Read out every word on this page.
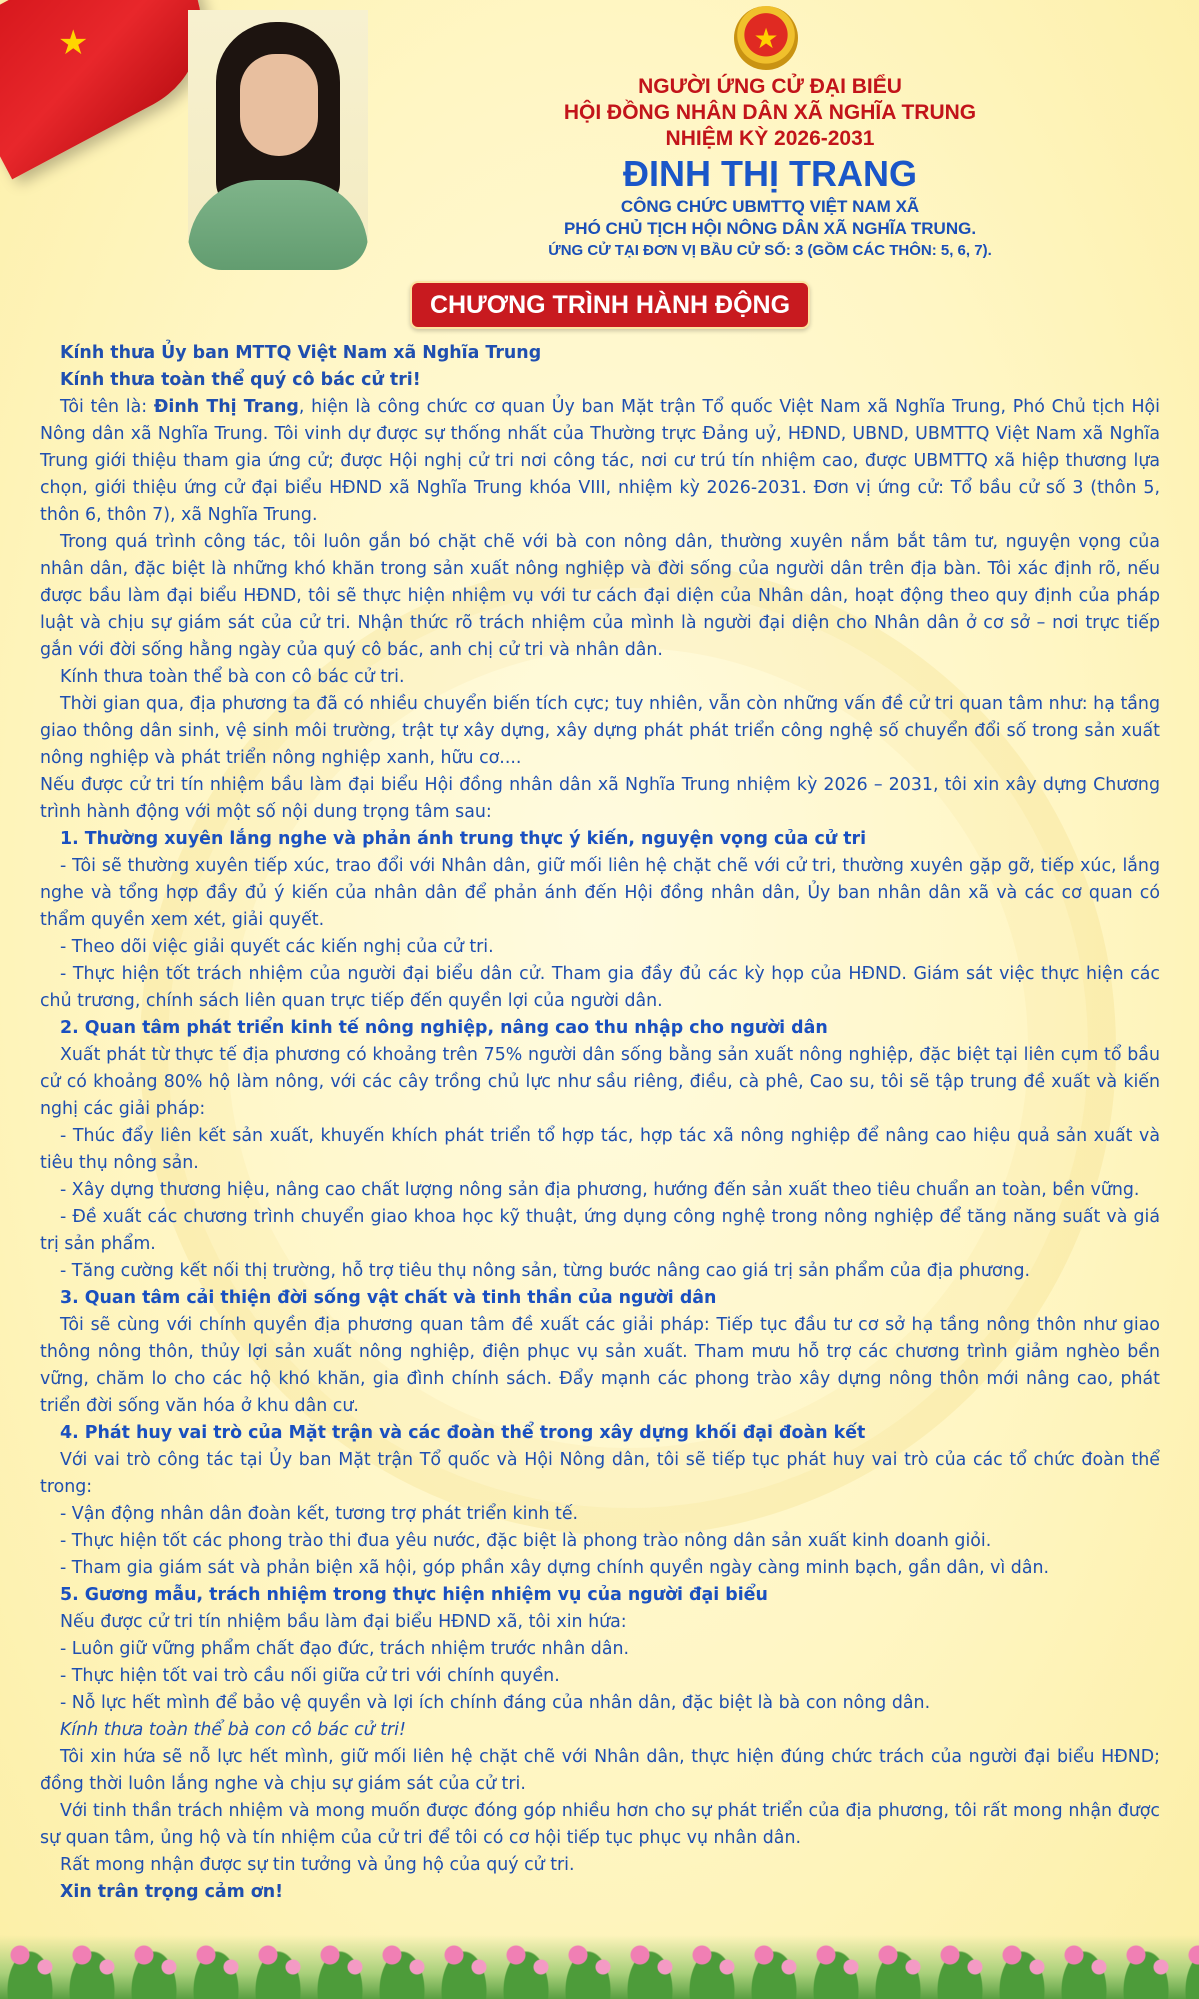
★	★
NGƯỜI ỨNG CỬ ĐẠI BIỂU
HỘI ĐỒNG NHÂN DÂN XÃ NGHĨA TRUNG
NHIỆM KỲ 2026-2031
ĐINH THỊ TRANG
CÔNG CHỨC UBMTTQ VIỆT NAM XÃ
PHÓ CHỦ TỊCH HỘI NÔNG DÂN XÃ NGHĨA TRUNG.
ỨNG CỬ TẠI ĐƠN VỊ BẦU CỬ SỐ: 3 (GỒM CÁC THÔN: 5, 6, 7).
CHƯƠNG TRÌNH HÀNH ĐỘNG

Kính thưa Ủy ban MTTQ Việt Nam xã Nghĩa Trung

Kính thưa toàn thể quý cô bác cử tri!

Tôi tên là: Đinh Thị Trang, hiện là công chức cơ quan Ủy ban Mặt trận Tổ quốc Việt Nam xã Nghĩa Trung, Phó Chủ tịch Hội Nông dân xã Nghĩa Trung. Tôi vinh dự được sự thống nhất của Thường trực Đảng uỷ, HĐND, UBND, UBMTTQ Việt Nam xã Nghĩa Trung giới thiệu tham gia ứng cử; được Hội nghị cử tri nơi công tác, nơi cư trú tín nhiệm cao, được UBMTTQ xã hiệp thương lựa chọn, giới thiệu ứng cử đại biểu HĐND xã Nghĩa Trung khóa VIII, nhiệm kỳ 2026-2031. Đơn vị ứng cử: Tổ bầu cử số 3 (thôn 5, thôn 6, thôn 7), xã Nghĩa Trung.

Trong quá trình công tác, tôi luôn gắn bó chặt chẽ với bà con nông dân, thường xuyên nắm bắt tâm tư, nguyện vọng của nhân dân, đặc biệt là những khó khăn trong sản xuất nông nghiệp và đời sống của người dân trên địa bàn. Tôi xác định rõ, nếu được bầu làm đại biểu HĐND, tôi sẽ thực hiện nhiệm vụ với tư cách đại diện của Nhân dân, hoạt động theo quy định của pháp luật và chịu sự giám sát của cử tri. Nhận thức rõ trách nhiệm của mình là người đại diện cho Nhân dân ở cơ sở – nơi trực tiếp gắn với đời sống hằng ngày của quý cô bác, anh chị cử tri và nhân dân.

Kính thưa toàn thể bà con cô bác cử tri.

Thời gian qua, địa phương ta đã có nhiều chuyển biến tích cực; tuy nhiên, vẫn còn những vấn đề cử tri quan tâm như: hạ tầng giao thông dân sinh, vệ sinh môi trường, trật tự xây dựng, xây dựng phát phát triển công nghệ số chuyển đổi số trong sản xuất nông nghiệp và phát triển nông nghiệp xanh, hữu cơ....

Nếu được cử tri tín nhiệm bầu làm đại biểu Hội đồng nhân dân xã Nghĩa Trung nhiệm kỳ 2026 – 2031, tôi xin xây dựng Chương trình hành động với một số nội dung trọng tâm sau:

1. Thường xuyên lắng nghe và phản ánh trung thực ý kiến, nguyện vọng của cử tri

- Tôi sẽ thường xuyên tiếp xúc, trao đổi với Nhân dân, giữ mối liên hệ chặt chẽ với cử tri, thường xuyên gặp gỡ, tiếp xúc, lắng nghe và tổng hợp đầy đủ ý kiến của nhân dân để phản ánh đến Hội đồng nhân dân, Ủy ban nhân dân xã và các cơ quan có thẩm quyền xem xét, giải quyết.

- Theo dõi việc giải quyết các kiến nghị của cử tri.

- Thực hiện tốt trách nhiệm của người đại biểu dân cử. Tham gia đầy đủ các kỳ họp của HĐND. Giám sát việc thực hiện các chủ trương, chính sách liên quan trực tiếp đến quyền lợi của người dân.

2. Quan tâm phát triển kinh tế nông nghiệp, nâng cao thu nhập cho người dân

Xuất phát từ thực tế địa phương có khoảng trên 75% người dân sống bằng sản xuất nông nghiệp, đặc biệt tại liên cụm tổ bầu cử có khoảng 80% hộ làm nông, với các cây trồng chủ lực như sầu riêng, điều, cà phê, Cao su, tôi sẽ tập trung đề xuất và kiến nghị các giải pháp:

- Thúc đẩy liên kết sản xuất, khuyến khích phát triển tổ hợp tác, hợp tác xã nông nghiệp để nâng cao hiệu quả sản xuất và tiêu thụ nông sản.

- Xây dựng thương hiệu, nâng cao chất lượng nông sản địa phương, hướng đến sản xuất theo tiêu chuẩn an toàn, bền vững.

- Đề xuất các chương trình chuyển giao khoa học kỹ thuật, ứng dụng công nghệ trong nông nghiệp để tăng năng suất và giá trị sản phẩm.

- Tăng cường kết nối thị trường, hỗ trợ tiêu thụ nông sản, từng bước nâng cao giá trị sản phẩm của địa phương.

3. Quan tâm cải thiện đời sống vật chất và tinh thần của người dân

Tôi sẽ cùng với chính quyền địa phương quan tâm đề xuất các giải pháp: Tiếp tục đầu tư cơ sở hạ tầng nông thôn như giao thông nông thôn, thủy lợi sản xuất nông nghiệp, điện phục vụ sản xuất. Tham mưu hỗ trợ các chương trình giảm nghèo bền vững, chăm lo cho các hộ khó khăn, gia đình chính sách. Đẩy mạnh các phong trào xây dựng nông thôn mới nâng cao, phát triển đời sống văn hóa ở khu dân cư.

4. Phát huy vai trò của Mặt trận và các đoàn thể trong xây dựng khối đại đoàn kết

Với vai trò công tác tại Ủy ban Mặt trận Tổ quốc và Hội Nông dân, tôi sẽ tiếp tục phát huy vai trò của các tổ chức đoàn thể trong:

- Vận động nhân dân đoàn kết, tương trợ phát triển kinh tế.

- Thực hiện tốt các phong trào thi đua yêu nước, đặc biệt là phong trào nông dân sản xuất kinh doanh giỏi.

- Tham gia giám sát và phản biện xã hội, góp phần xây dựng chính quyền ngày càng minh bạch, gần dân, vì dân.

5. Gương mẫu, trách nhiệm trong thực hiện nhiệm vụ của người đại biểu

Nếu được cử tri tín nhiệm bầu làm đại biểu HĐND xã, tôi xin hứa:

- Luôn giữ vững phẩm chất đạo đức, trách nhiệm trước nhân dân.

- Thực hiện tốt vai trò cầu nối giữa cử tri với chính quyền.

- Nỗ lực hết mình để bảo vệ quyền và lợi ích chính đáng của nhân dân, đặc biệt là bà con nông dân.

Kính thưa toàn thể bà con cô bác cử tri!

Tôi xin hứa sẽ nỗ lực hết mình, giữ mối liên hệ chặt chẽ với Nhân dân, thực hiện đúng chức trách của người đại biểu HĐND; đồng thời luôn lắng nghe và chịu sự giám sát của cử tri.

Với tinh thần trách nhiệm và mong muốn được đóng góp nhiều hơn cho sự phát triển của địa phương, tôi rất mong nhận được sự quan tâm, ủng hộ và tín nhiệm của cử tri để tôi có cơ hội tiếp tục phục vụ nhân dân.

Rất mong nhận được sự tin tưởng và ủng hộ của quý cử tri.

Xin trân trọng cảm ơn!
